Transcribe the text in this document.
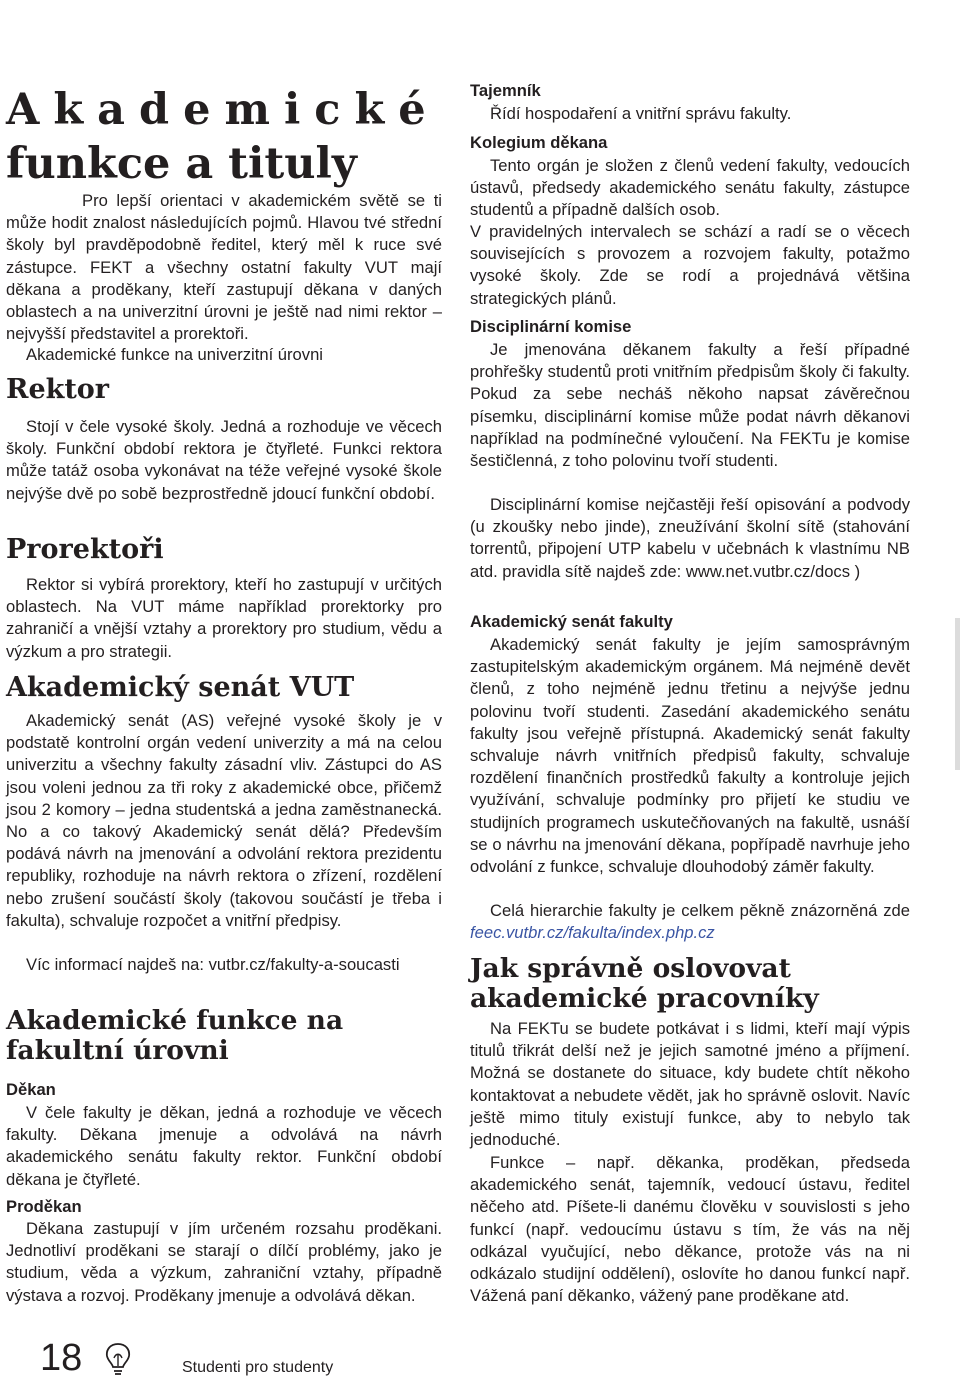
Akademické
funkce a tituly

Pro lepší orientaci v akademickém světě se ti může hodit znalost následujících pojmů. Hlavou tvé střední školy byl pravděpodobně ředitel, který měl k ruce své zástupce. FEKT a všechny ostatní fakulty VUT mají děkana a proděkany, kteří zastupují děkana v daných oblastech a na univerzitní úrovni je ještě nad nimi rektor – nejvyšší představitel a prorektoři.

Akademické funkce na univerzitní úrovni

Rektor

Stojí v čele vysoké školy. Jedná a rozhoduje ve věcech školy. Funkční období rektora je čtyřleté. Funkci rektora může tatáž osoba vykonávat na téže veřejné vysoké škole nejvýše dvě po sobě bezprostředně jdoucí funkční období.

Prorektoři

Rektor si vybírá prorektory, kteří ho zastupují v určitých oblastech. Na VUT máme například prorektorky pro zahraničí a vnější vztahy a prorektory pro studium, vědu a výzkum a pro strategii.

Akademický senát VUT

Akademický senát (AS) veřejné vysoké školy je v podstatě kontrolní orgán vedení univerzity a má na celou univerzitu a všechny fakulty zásadní vliv. Zástupci do AS jsou voleni jednou za tři roky z akademické obce, přičemž jsou 2 komory – jedna studentská a jedna zaměstnanecká. No a co takový Akademický senát dělá? Především podává návrh na jmenování a odvolání rektora prezidentu republiky, rozhoduje na návrh rektora o zřízení, rozdělení nebo zrušení součástí školy (takovou součástí je třeba i fakulta), schvaluje rozpočet a vnitřní předpisy.

Víc informací najdeš na: vutbr.cz/fakulty-a-soucasti

Akademické funkce na fakultní úrovni
Děkan

V čele fakulty je děkan, jedná a rozhoduje ve věcech fakulty. Děkana jmenuje a odvolává na návrh akademického senátu fakulty rektor. Funkční období děkana je čtyřleté.

Proděkan

Děkana zastupují v jím určeném rozsahu proděkani. Jednotliví proděkani se starají o dílčí problémy, jako je studium, věda a výzkum, zahraniční vztahy, případně výstava a rozvoj. Proděkany jmenuje a odvolává děkan.

Tajemník

Řídí hospodaření a vnitřní správu fakulty.

Kolegium děkana

Tento orgán je složen z členů vedení fakulty, vedoucích ústavů, předsedy akademického senátu fakulty, zástupce studentů a případně dalších osob.

V pravidelných intervalech se schází a radí se o věcech souvisejících s provozem a rozvojem fakulty, potažmo vysoké školy. Zde se rodí a projednává většina strategických plánů.

Disciplinární komise

Je jmenována děkanem fakulty a řeší případné prohřešky studentů proti vnitřním předpisům školy či fakulty. Pokud za sebe necháš někoho napsat závěrečnou písemku, disciplinární komise může podat návrh děkanovi například na podmínečné vyloučení. Na FEKTu je komise šestičlenná, z toho polovinu tvoří studenti.

Disciplinární komise nejčastěji řeší opisování a podvody (u zkoušky nebo jinde), zneužívání školní sítě (stahování torrentů, připojení UTP kabelu v učebnách k vlastnímu NB atd. pravidla sítě najdeš zde: www.net.vutbr.cz/docs )

Akademický senát fakulty

Akademický senát fakulty je jejím samosprávným zastupitelským akademickým orgánem. Má nejméně devět členů, z toho nejméně jednu třetinu a nejvýše jednu polovinu tvoří studenti. Zasedání akademického senátu fakulty jsou veřejně přístupná. Akademický senát fakulty schvaluje návrh vnitřních předpisů fakulty, schvaluje rozdělení finančních prostředků fakulty a kontroluje jejich využívání, schvaluje podmínky pro přijetí ke studiu ve studijních programech uskutečňovaných na fakultě, usnáší se o návrhu na jmenování děkana, popřípadě navrhuje jeho odvolání z funkce, schvaluje dlouhodobý záměr fakulty.

Celá hierarchie fakulty je celkem pěkně znázorněná zde feec.vutbr.cz/fakulta/index.php.cz

Jak správně oslovovat akademické pracovníky

Na FEKTu se budete potkávat i s lidmi, kteří mají výpis titulů třikrát delší než je jejich samotné jméno a příjmení. Možná se dostanete do situace, kdy budete chtít někoho kontaktovat a nebudete vědět, jak ho správně oslovit. Navíc ještě mimo tituly existují funkce, aby to nebylo tak jednoduché.

Funkce – např. děkanka, proděkan, předseda akademického senát, tajemník, vedoucí ústavu, ředitel něčeho atd. Píšete-li danému člověku v souvislosti s jeho funkcí (např. vedoucímu ústavu s tím, že vás na něj odkázal vyučující, nebo děkance, protože vás na ni odkázalo studijní oddělení), oslovíte ho danou funkcí např. Vážená paní děkanko, vážený pane proděkane atd.

18	Studenti pro studenty
